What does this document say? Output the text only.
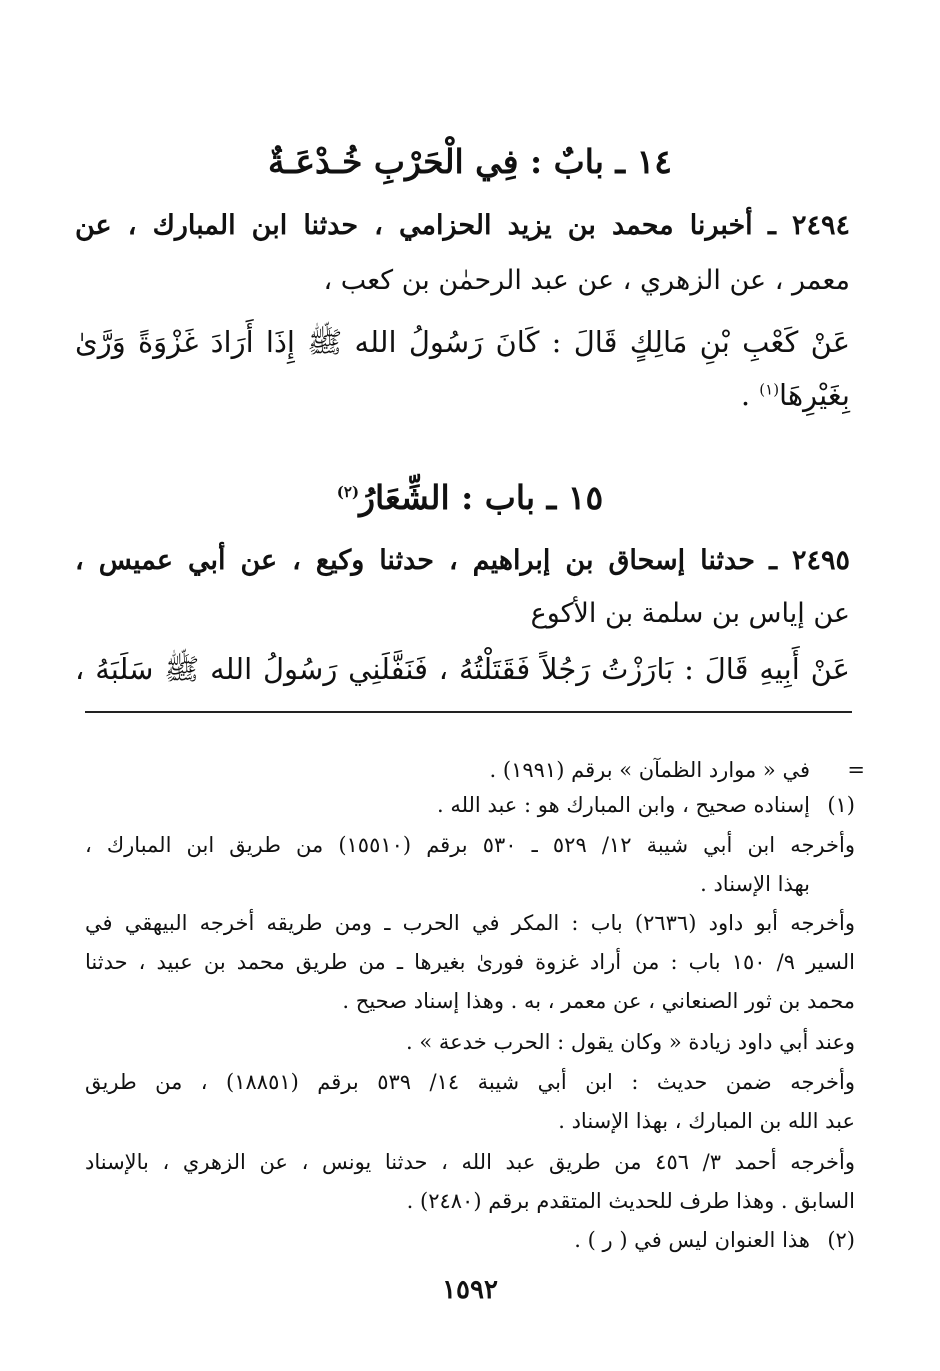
١٤ ـ بابٌ : فِي الْحَرْبِ خُـدْعَـةٌ
٢٤٩٤ ـ أخبرنا محمد بن يزيد الحزامي ، حدثنا ابن المبارك ، عن
معمر ، عن الزهري ، عن عبد الرحمٰن بن كعب ،
عَنْ كَعْبِ بْنِ مَالِكٍ قَالَ : كَانَ رَسُولُ الله ﷺ إِذَا أَرَادَ غَزْوَةً وَرَّىٰ
بِغَيْرِهَا$^{(١)}$ .
١٥ ـ باب : الشِّعَارُ$^{(٢)}$
٢٤٩٥ ـ حدثنا إسحاق بن إبراهيم ، حدثنا وكيع ، عن أبي عميس ،
عن إياس بن سلمة بن الأكوع
عَنْ أَبِيهِ قَالَ : بَارَزْتُ رَجُلاً فَقَتَلْتُهُ ، فَنَفَّلَنِي رَسُولُ الله ﷺ سَلَبَهُ ،
=
في « موارد الظمآن » برقم (١٩٩١) .
(١)
إسناده صحيح ، وابن المبارك هو : عبد الله .
وأخرجه ابن أبي شيبة ١٢/ ٥٢٩ ـ ٥٣٠ برقم (١٥٥١٠) من طريق ابن المبارك ،
بهذا الإسناد .
وأخرجه أبو داود (٢٦٣٦) باب : المكر في الحرب ـ ومن طريقه أخرجه البيهقي في
السير ٩/ ١٥٠ باب : من أراد غزوة فورىٰ بغيرها ـ من طريق محمد بن عبيد ، حدثنا
محمد بن ثور الصنعاني ، عن معمر ، به . وهذا إسناد صحيح .
وعند أبي داود زيادة « وكان يقول : الحرب خدعة » .
وأخرجه ضمن حديث : ابن أبي شيبة ١٤/ ٥٣٩ برقم (١٨٨٥١) ، من طريق
عبد الله بن المبارك ، بهذا الإسناد .
وأخرجه أحمد ٣/ ٤٥٦ من طريق عبد الله ، حدثنا يونس ، عن الزهري ، بالإسناد
السابق . وهذا طرف للحديث المتقدم برقم (٢٤٨٠) .
(٢)
هذا العنوان ليس في ( ر ) .
١٥٩٢
